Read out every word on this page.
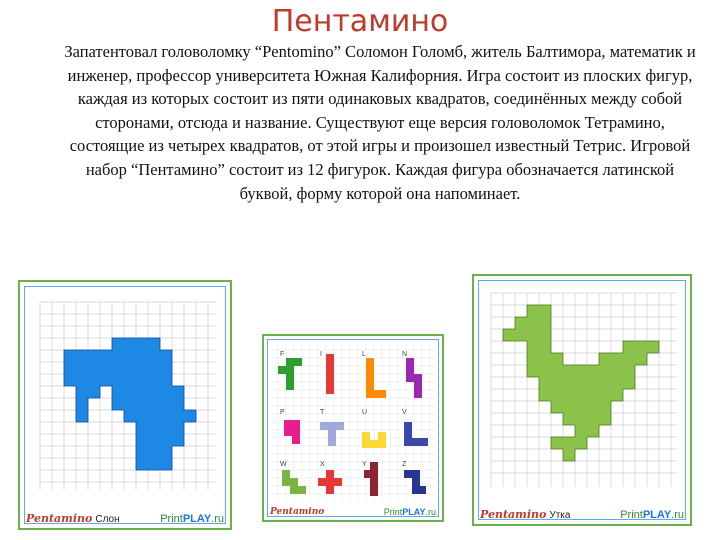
Пентамино

Запатентовал головоломку “Pentomino” Соломон Голомб, житель Балтимора, математик и инженер, профессор университета Южная Калифорния. Игра состоит из плоских фигур, каждая из которых состоит из пяти одинаковых квадратов, соединённых между собой сторонами, отсюда и название. Существуют еще версия головоломок Тетрамино, состоящие из четырех квадратов, от этой игры и произошел известный Тетрис. Игровой набор “Пентамино” состоит из 12 фигурок. Каждая фигура обозначается латинской буквой, форму которой она напоминает.

Pentamino Слон	PrintPLAY.ru
F	I	L	N
P	T	U	V
W	X	Y	Z
Pentamino	PrintPLAY.ru	Pentamino Утка	PrintPLAY.ru
